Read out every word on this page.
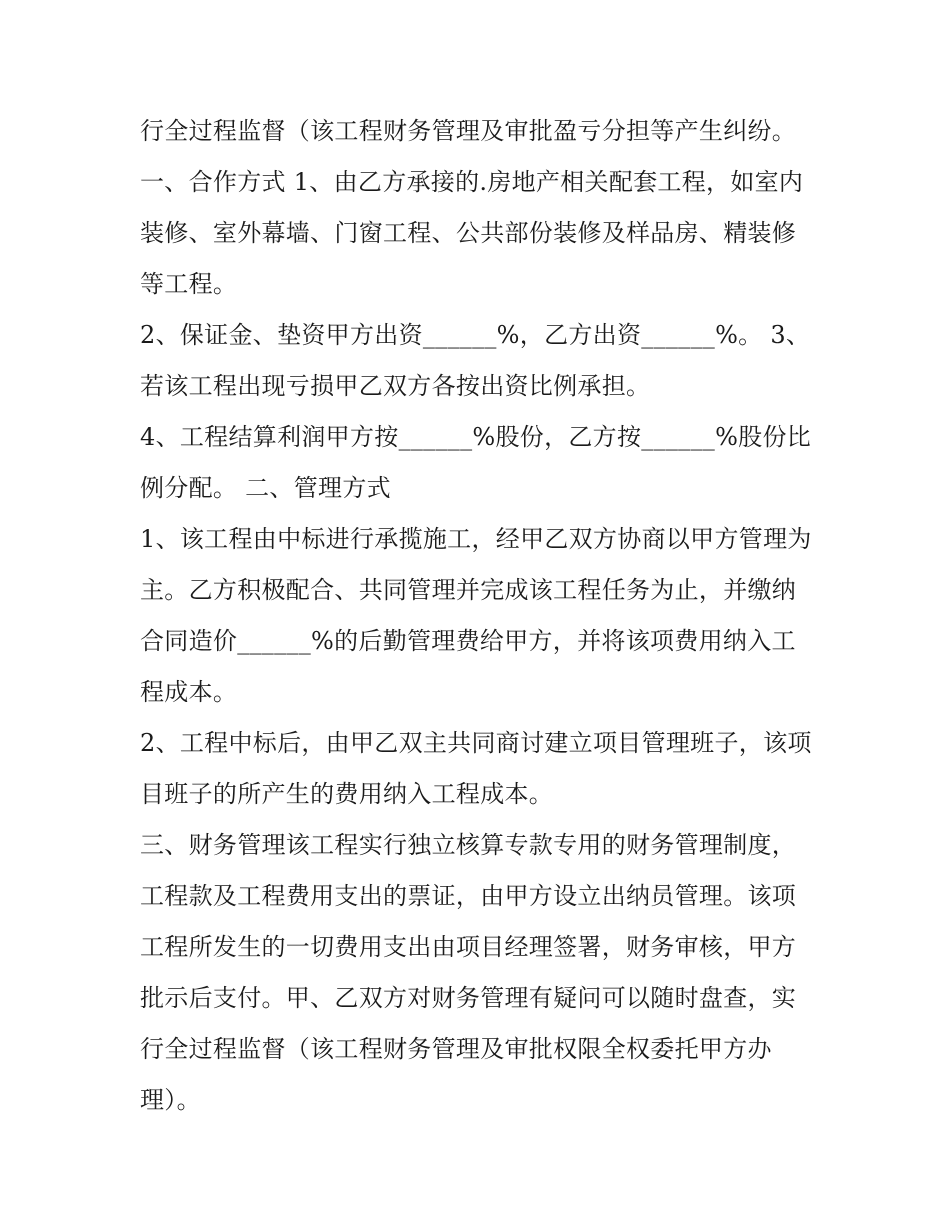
行全过程监督（该工程财务管理及审批盈亏分担等产生纠纷。

一、合作方式 1、由乙方承接的.房地产相关配套工程，如室内装修、室外幕墙、门窗工程、公共部份装修及样品房、精装修等工程。

2、保证金、垫资甲方出资______%，乙方出资______%。 3、若该工程出现亏损甲乙双方各按出资比例承担。

4、工程结算利润甲方按______%股份，乙方按______%股份比例分配。 二、管理方式

1、该工程由中标进行承揽施工，经甲乙双方协商以甲方管理为主。乙方积极配合、共同管理并完成该工程任务为止，并缴纳合同造价______%的后勤管理费给甲方，并将该项费用纳入工程成本。

2、工程中标后，由甲乙双主共同商讨建立项目管理班子，该项目班子的所产生的费用纳入工程成本。

三、财务管理该工程实行独立核算专款专用的财务管理制度，工程款及工程费用支出的票证，由甲方设立出纳员管理。该项工程所发生的一切费用支出由项目经理签署，财务审核，甲方批示后支付。甲、乙双方对财务管理有疑问可以随时盘查，实行全过程监督（该工程财务管理及审批权限全权委托甲方办理）。
